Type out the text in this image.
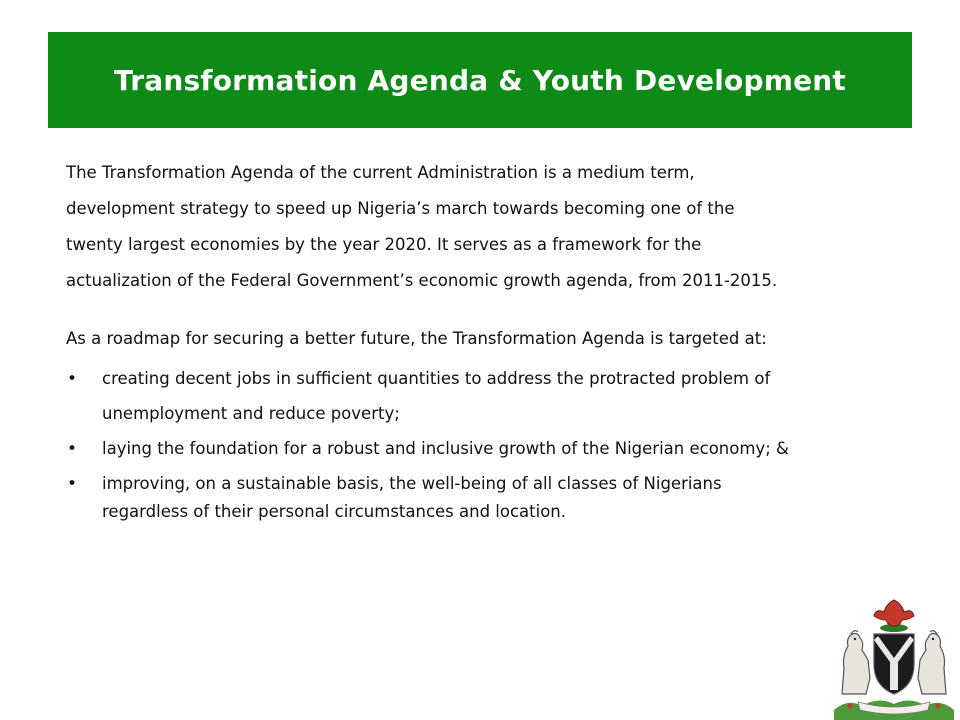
Transformation Agenda & Youth Development

The Transformation Agenda of the current Administration is a medium term,

development strategy to speed up Nigeria’s march towards becoming one of the

twenty largest economies by the year 2020. It serves as a framework for the

actualization of the Federal Government’s economic growth agenda, from 2011-2015.

As a roadmap for securing a better future, the Transformation Agenda is targeted at:

• creating decent jobs in sufficient quantities to address the protracted problem of
unemployment and reduce poverty;
• laying the foundation for a robust and inclusive growth of the Nigerian economy; &
• improving, on a sustainable basis, the well-being of all classes of Nigerians
regardless of their personal circumstances and location.
